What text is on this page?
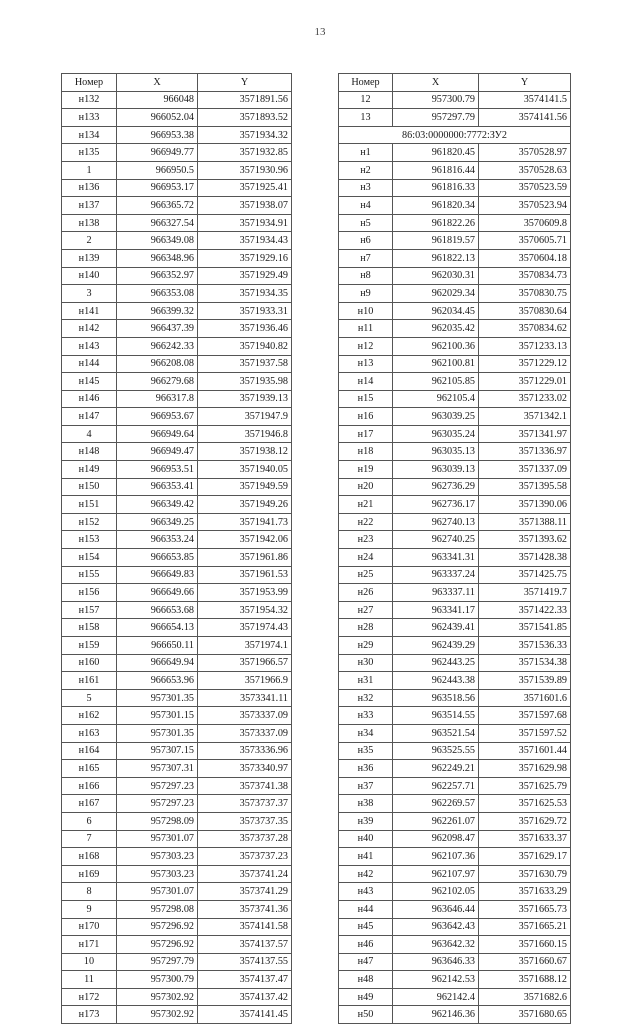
13
Номер	X	Y
н132	966048	3571891.56
н133	966052.04	3571893.52
н134	966953.38	3571934.32
н135	966949.77	3571932.85
1	966950.5	3571930.96
н136	966953.17	3571925.41
н137	966365.72	3571938.07
н138	966327.54	3571934.91
2	966349.08	3571934.43
н139	966348.96	3571929.16
н140	966352.97	3571929.49
3	966353.08	3571934.35
н141	966399.32	3571933.31
н142	966437.39	3571936.46
н143	966242.33	3571940.82
н144	966208.08	3571937.58
н145	966279.68	3571935.98
н146	966317.8	3571939.13
н147	966953.67	3571947.9
4	966949.64	3571946.8
н148	966949.47	3571938.12
н149	966953.51	3571940.05
н150	966353.41	3571949.59
н151	966349.42	3571949.26
н152	966349.25	3571941.73
н153	966353.24	3571942.06
н154	966653.85	3571961.86
н155	966649.83	3571961.53
н156	966649.66	3571953.99
н157	966653.68	3571954.32
н158	966654.13	3571974.43
н159	966650.11	3571974.1
н160	966649.94	3571966.57
н161	966653.96	3571966.9
5	957301.35	3573341.11
н162	957301.15	3573337.09
н163	957301.35	3573337.09
н164	957307.15	3573336.96
н165	957307.31	3573340.97
н166	957297.23	3573741.38
н167	957297.23	3573737.37
6	957298.09	3573737.35
7	957301.07	3573737.28
н168	957303.23	3573737.23
н169	957303.23	3573741.24
8	957301.07	3573741.29
9	957298.08	3573741.36
н170	957296.92	3574141.58
н171	957296.92	3574137.57
10	957297.79	3574137.55
11	957300.79	3574137.47
н172	957302.92	3574137.42
н173	957302.92	3574141.45
Номер	X	Y
12	957300.79	3574141.5
13	957297.79	3574141.56
86:03:0000000:7772:ЗУ2		
н1	961820.45	3570528.97
н2	961816.44	3570528.63
н3	961816.33	3570523.59
н4	961820.34	3570523.94
н5	961822.26	3570609.8
н6	961819.57	3570605.71
н7	961822.13	3570604.18
н8	962030.31	3570834.73
н9	962029.34	3570830.75
н10	962034.45	3570830.64
н11	962035.42	3570834.62
н12	962100.36	3571233.13
н13	962100.81	3571229.12
н14	962105.85	3571229.01
н15	962105.4	3571233.02
н16	963039.25	3571342.1
н17	963035.24	3571341.97
н18	963035.13	3571336.97
н19	963039.13	3571337.09
н20	962736.29	3571395.58
н21	962736.17	3571390.06
н22	962740.13	3571388.11
н23	962740.25	3571393.62
н24	963341.31	3571428.38
н25	963337.24	3571425.75
н26	963337.11	3571419.7
н27	963341.17	3571422.33
н28	962439.41	3571541.85
н29	962439.29	3571536.33
н30	962443.25	3571534.38
н31	962443.38	3571539.89
н32	963518.56	3571601.6
н33	963514.55	3571597.68
н34	963521.54	3571597.52
н35	963525.55	3571601.44
н36	962249.21	3571629.98
н37	962257.71	3571625.79
н38	962269.57	3571625.53
н39	962261.07	3571629.72
н40	962098.47	3571633.37
н41	962107.36	3571629.17
н42	962107.97	3571630.79
н43	962102.05	3571633.29
н44	963646.44	3571665.73
н45	963642.43	3571665.21
н46	963642.32	3571660.15
н47	963646.33	3571660.67
н48	962142.53	3571688.12
н49	962142.4	3571682.6
н50	962146.36	3571680.65
